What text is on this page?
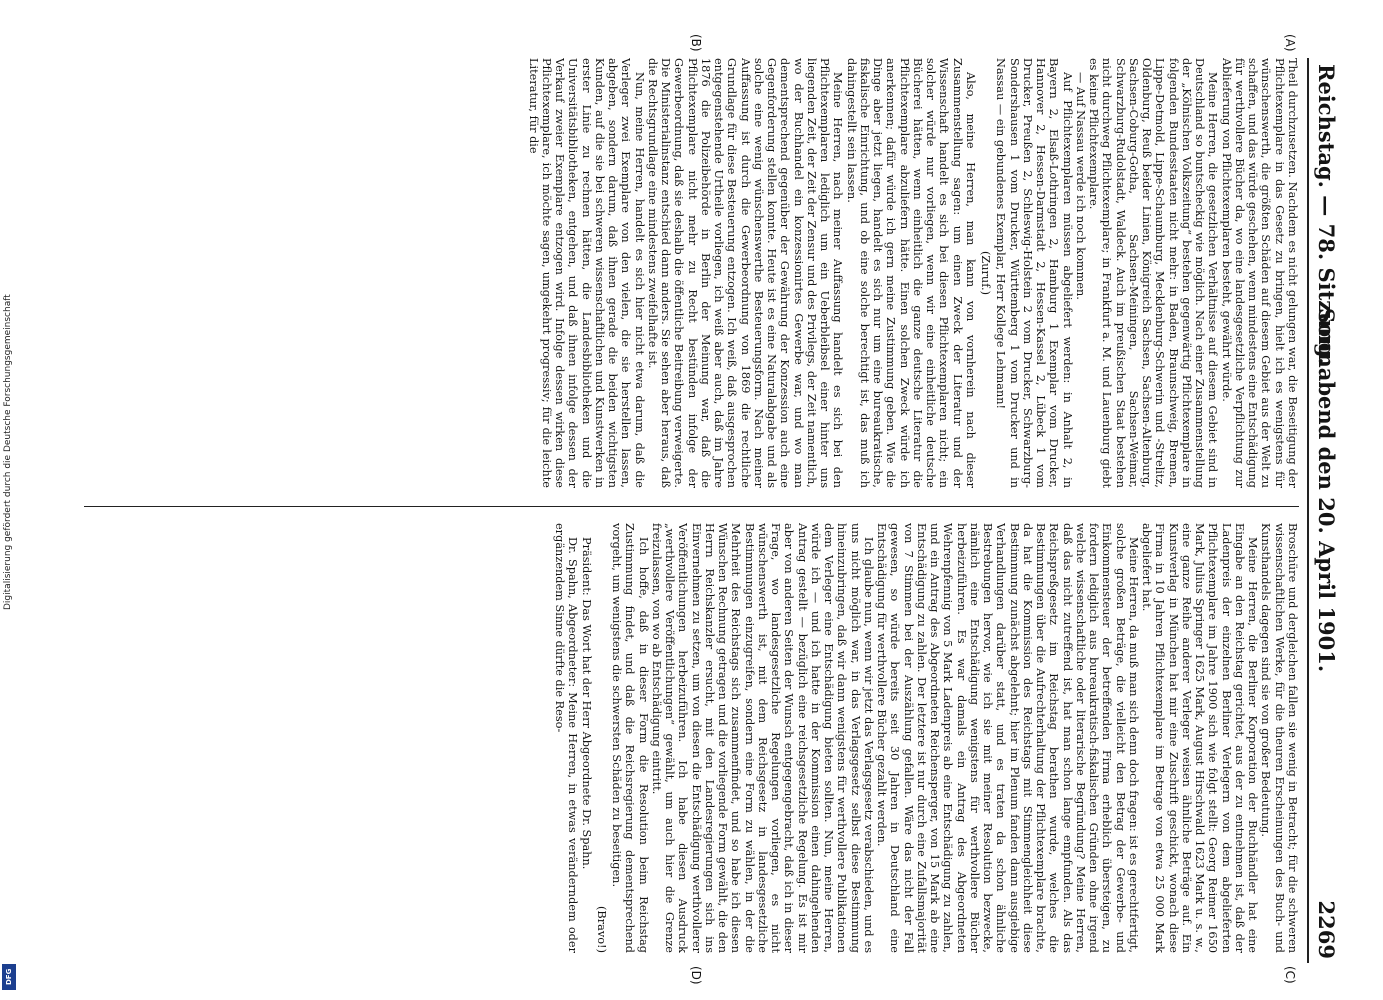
Reichstag. — 78. Sitzung.
Sonnabend den 20. April 1901.
2269
(A)
(B)
(C)
(D)

Theil durchzusetzen. Nachdem es nicht gelungen war, die Beseitigung der Pflichtexemplare in das Gesetz zu bringen, hielt ich es wenigstens für wünschenswerth, die größten Schäden auf diesem Gebiet aus der Welt zu schaffen, und das würde geschehen, wenn mindestens eine Entschädigung für werthvollere Bücher da, wo eine landesgesetzliche Verpflichtung zur Ablieferung von Pflichtexemplaren besteht, gewährt würde.

Meine Herren, die gesetzlichen Verhältnisse auf diesem Gebiet sind in Deutschland so buntscheckig wie möglich. Nach einer Zusammenstellung der „Kölnischen Volkszeitung“ bestehen gegenwärtig Pflichtexemplare in folgenden Bundesstaaten nicht mehr: in Baden, Braunschweig, Bremen, Lippe-Detmold, Lippe-Schaumburg, Mecklenburg-Schwerin und -Strelitz, Oldenburg, Reuß beider Linien, Königreich Sachsen, Sachsen-Altenburg, Sachsen-Coburg-Gotha, Sachsen-Meiningen, Sachsen-Weimar, Schwarzburg-Rudolstadt, Waldeck. Auch im preußischen Staat bestehen nicht durchweg Pflichtexemplare; in Frankfurt a. M. und Lauenburg giebt es keine Pflichtexemplare.

— Auf Nassau werde ich noch kommen.

Auf Pflichtexemplaren müssen abgeliefert werden: in Anhalt 2, in Bayern 2, Elsaß-Lothringen 2, Hamburg 1 Exemplar vom Drucker, Hannover 2, Hessen-Darmstadt 2, Hessen-Kassel 2, Lübeck 1 vom Drucker, Preußen 2, Schleswig-Holstein 2 vom Drucker, Schwarzburg-Sondershausen 1 vom Drucker, Württemberg 1 vom Drucker und in Nassau — ein gebundenes Exemplar, Herr Kollege Lehmann!

(Zuruf.)

Also, meine Herren, man kann von vornherein nach dieser Zusammenstellung sagen: um einen Zweck der Literatur und der Wissenschaft handelt es sich bei diesen Pflichtexemplaren nicht; ein solcher würde nur vorliegen, wenn wir eine einheitliche deutsche Bücherei hätten, wenn einheitlich die ganze deutsche Literatur die Pflichtexemplare abzuliefern hätte. Einen solchen Zweck würde ich anerkennen; dafür würde ich gern meine Zustimmung geben. Wie die Dinge aber jetzt liegen, handelt es sich nur um eine bureaukratische, fiskalische Einrichtung, und ob eine solche berechtigt ist, das muß ich dahingestellt sein lassen.

Meine Herren, nach meiner Auffassung handelt es sich bei den Pflichtexemplaren lediglich um ein Ueberbleibsel einer hinter uns liegenden Zeit, der Zeit der Zensur und des Privilegs, der Zeit namentlich, wo der Buchhandel ein konzessionirtes Gewerbe war, und wo man dementsprechend gegenüber der Gewährung der Konzession auch eine Gegenforderung stellen konnte. Heute ist es eine Naturalabgabe und als solche eine wenig wünschenswerthe Besteuerungsform. Nach meiner Auffassung ist durch die Gewerbeordnung von 1869 die rechtliche Grundlage für diese Besteuerung entzogen. Ich weiß, daß ausgesprochen entgegenstehende Urtheile vorliegen, ich weiß aber auch, daß im Jahre 1876 die Polizeibehörde in Berlin der Meinung war, daß die Pflichtexemplare nicht mehr zu Recht bestünden infolge der Gewerbeordnung, daß sie deshalb die öffentliche Beitreibung verweigerte. Die Ministerialinstanz entschied dann anders. Sie sehen aber heraus, daß die Rechtsgrundlage eine mindestens zweifelhafte ist.

Nun, meine Herren, handelt es sich hier nicht etwa darum, daß die Verleger zwei Exemplare von den vielen, die sie herstellen lassen, abgeben, sondern darum, daß ihnen gerade die beiden wichtigsten Kunden, auf die sie bei schweren wissenschaftlichen und Kunstwerken in erster Linie zu rechnen hätten, die Landesbibliotheken und die Universitätsbibliotheken, entgehen, und daß ihnen infolge dessen der Verkauf zweier Exemplare entzogen wird. Infolge dessen wirken diese Pflichtexemplare, ich möchte sagen, umgekehrt progressiv; für die leichte Literatur, für die

Broschüre und dergleichen fallen sie wenig in Betracht; für die schweren wissenschaftlichen Werke, für die theuren Erscheinungen des Buch- und Kunsthandels dagegen sind sie von großer Bedeutung.

Meine Herren, die Berliner Korporation der Buchhändler hat eine Eingabe an den Reichstag gerichtet, aus der zu entnehmen ist, daß der Ladenpreis der einzelnen Berliner Verlegern von dem abgelieferten Pflichtexemplare im Jahre 1900 sich wie folgt stellt: Georg Reimer 1650 Mark, Julius Springer 1625 Mark, August Hirschwald 1623 Mark u. s. w., eine ganze Reihe anderer Verleger weisen ähnliche Beträge auf. Ein Kunstverlag in München hat mir eine Zuschrift geschickt, wonach diese Firma in 10 Jahren Pflichtexemplare im Betrage von etwa 25 000 Mark abgeliefert hat.

Meine Herren, da muß man sich denn doch fragen: ist es gerechtfertigt, solche großen Beträge, die vielleicht den Betrag der Gewerbe- und Einkommensteuer der betreffenden Firma erheblich übersteigen, zu fordern lediglich aus bureaukratisch-fiskalischen Gründen ohne irgend welche wissenschaftliche oder literarische Begründung? Meine Herren, daß das nicht zutreffend ist, hat man schon lange empfunden. Als das Reichspreßgesetz im Reichstag berathen wurde, welches die Bestimmungen über die Aufrechterhaltung der Pflichtexemplare brachte, da hat die Kommission des Reichstags mit Stimmengleichheit diese Bestimmung zunächst abgelehnt; hier im Plenum fanden dann ausgiebige Verhandlungen darüber statt, und es traten da schon ähnliche Bestrebungen hervor, wie ich sie mit meiner Resolution bezwecke, nämlich eine Entschädigung wenigstens für werthvollere Bücher herbeizuführen. Es war damals ein Antrag des Abgeordneten Wehrenpfennig von 5 Mark Ladenpreis ab eine Entschädigung zu zahlen, und ein Antrag des Abgeordneten Reichensperger, von 15 Mark ab eine Entschädigung zu zahlen. Der letztere ist nur durch eine Zufallsmajorität von 7 Stimmen bei der Auszählung gefallen. Wäre das nicht der Fall gewesen, so würde bereits seit 30 Jahren in Deutschland eine Entschädigung für werthvollere Bücher gezahlt werden.

Ich glaube nun, wenn wir jetzt das Verlagsgesetz verabschieden, und es uns nicht möglich war, in das Verlagsgesetz selbst diese Bestimmung hineinzubringen, daß wir dann wenigstens für werthvollere Publikationen dem Verleger eine Entschädigung bieten sollten. Nun, meine Herren, würde ich — und ich hatte in der Kommission einen dahingehenden Antrag gestellt — bezüglich eine reichsgesetzliche Regelung. Es ist mir aber von anderen Seiten der Wunsch entgegengebracht, daß ich in dieser Frage, wo landesgesetzliche Regelungen vorliegen, es nicht wünschenswerth ist, mit dem Reichsgesetz in landesgesetzliche Bestimmungen einzugreifen, sondern eine Form zu wählen, in der die Mehrheit des Reichstags sich zusammenfindet, und so habe ich diesen Wünschen Rechnung getragen und die vorliegende Form gewählt, die den Herrn Reichskanzler ersucht, mit den Landesregierungen sich ins Einvernehmen zu setzen, um von diesen die Entschädigung werthvollerer Veröffentlichungen herbeizuführen. Ich habe diesen Ausdruck „werthvollere Veröffentlichungen“ gewählt, um auch hier die Grenze freizulassen, von wo ab Entschädigung eintritt.

Ich hoffe, daß in dieser Form die Resolution beim Reichstag Zustimmung findet, und daß die Reichsregierung dementsprechend vorgeht, um wenigstens die schwersten Schäden zu beseitigen.

(Bravo!)

Präsident: Das Wort hat der Herr Abgeordnete Dr. Spahn.

Dr. Spahn, Abgeordneter: Meine Herren, in etwas veränderndem oder ergänzendem Sinne dürfte die Reso-

Digitalisierung gefördert durch die Deutsche Forschungsgemeinschaft
DFG
